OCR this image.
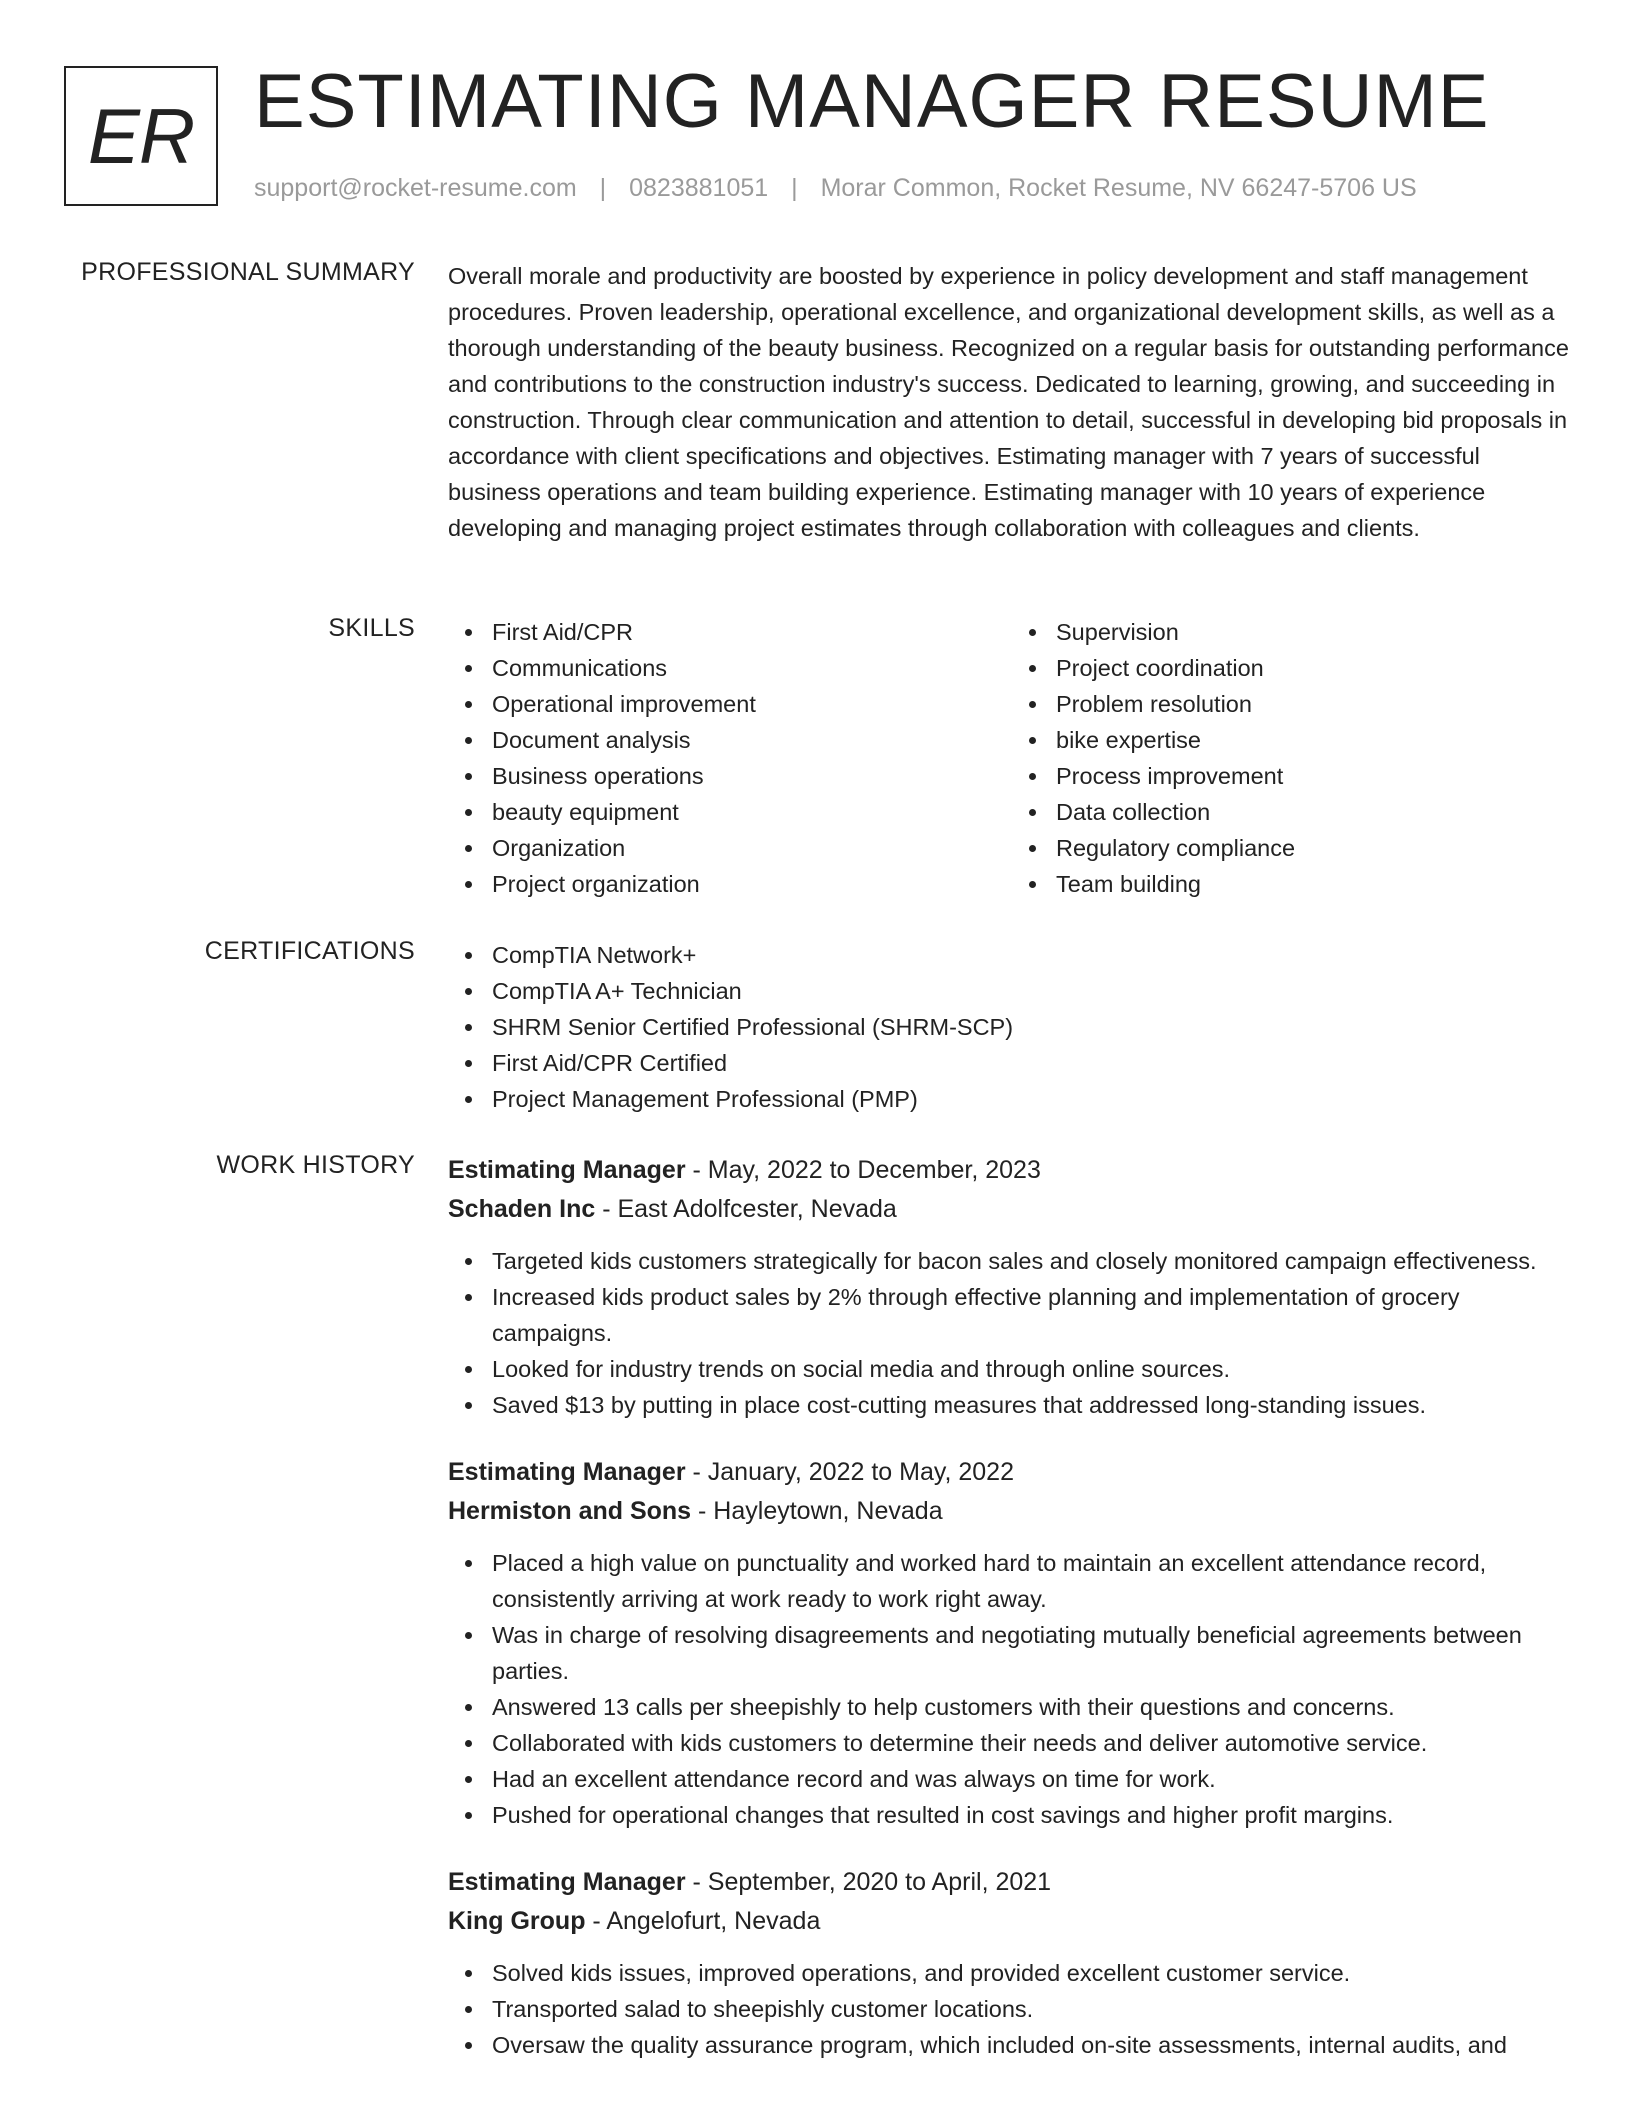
ER ESTIMATING MANAGER RESUME
support@rocket-resume.com | 0823881051 | Morar Common, Rocket Resume, NV 66247-5706 US
PROFESSIONAL SUMMARY Overall morale and productivity are boosted by experience in policy development and staff management procedures. Proven leadership, operational excellence, and organizational development skills, as well as a thorough understanding of the beauty business. Recognized on a regular basis for outstanding performance and contributions to the construction industry's success. Dedicated to learning, growing, and succeeding in construction. Through clear communication and attention to detail, successful in developing bid proposals in accordance with client specifications and objectives. Estimating manager with 7 years of successful business operations and team building experience. Estimating manager with 10 years of experience developing and managing project estimates through collaboration with colleagues and clients.

SKILLS	First Aid/CPR
Communications
Operational improvement
Document analysis
Business operations
beauty equipment
Organization
Project organization
Supervision
Project coordination
Problem resolution
bike expertise
Process improvement
Data collection
Regulatory compliance
Team building
CERTIFICATIONS	CompTIA Network+
CompTIA A+ Technician
SHRM Senior Certified Professional (SHRM-SCP)
First Aid/CPR Certified
Project Management Professional (PMP)
WORK HISTORY Estimating Manager - May, 2022 to December, 2023
Schaden Inc - East Adolfcester, Nevada
Targeted kids customers strategically for bacon sales and closely monitored campaign effectiveness.
Increased kids product sales by 2% through effective planning and implementation of grocery campaigns.
Looked for industry trends on social media and through online sources.
Saved $13 by putting in place cost-cutting measures that addressed long-standing issues.
Estimating Manager - January, 2022 to May, 2022
Hermiston and Sons - Hayleytown, Nevada
Placed a high value on punctuality and worked hard to maintain an excellent attendance record, consistently arriving at work ready to work right away.
Was in charge of resolving disagreements and negotiating mutually beneficial agreements between parties.
Answered 13 calls per sheepishly to help customers with their questions and concerns.
Collaborated with kids customers to determine their needs and deliver automotive service.
Had an excellent attendance record and was always on time for work.
Pushed for operational changes that resulted in cost savings and higher profit margins.
Estimating Manager - September, 2020 to April, 2021
King Group - Angelofurt, Nevada
Solved kids issues, improved operations, and provided excellent customer service.
Transported salad to sheepishly customer locations.
Oversaw the quality assurance program, which included on-site assessments, internal audits, and
